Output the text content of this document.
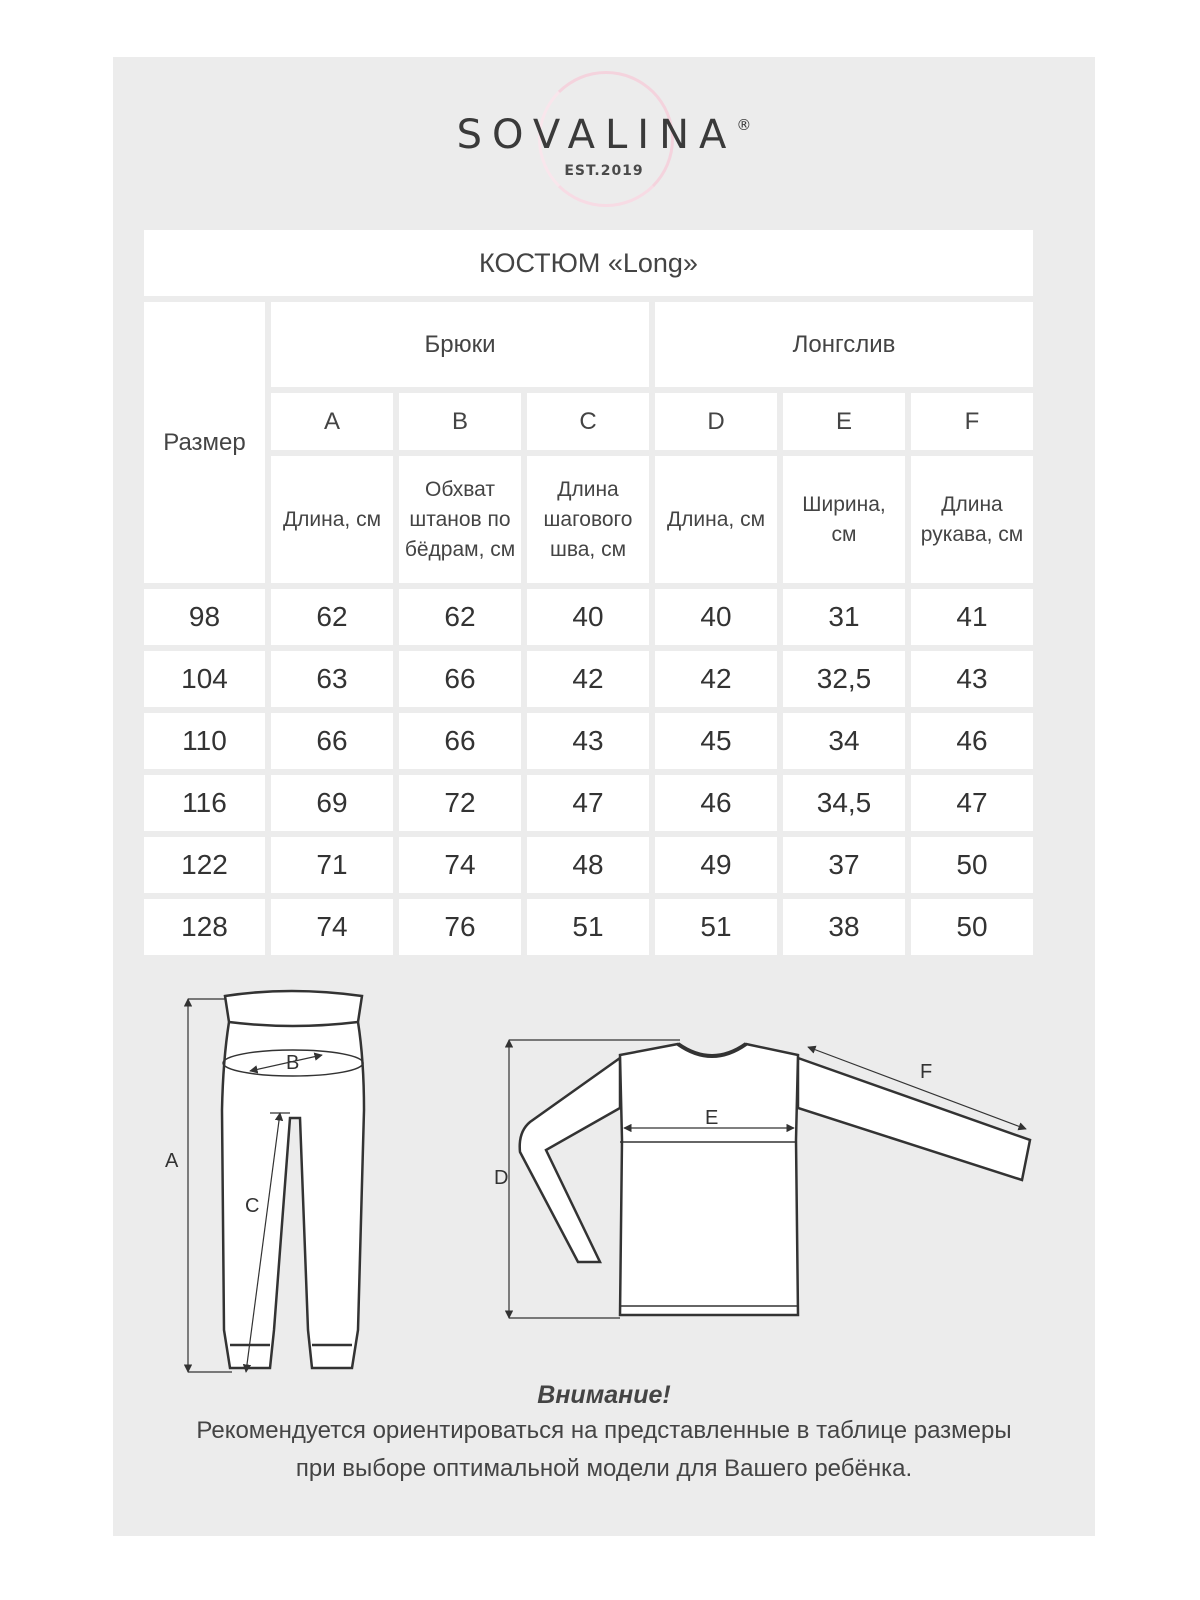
SOVALINA®
EST.2019
КОСТЮМ «Long»						
Размер	Брюки			Лонгслив		
	A	B	C	D	E	F
	Длина, см	Обхват штанов по бёдрам, см	Длина шагового шва, см	Длина, см	Ширина, см	Длина рукава, см

98	62	62	40	40	31	41
104	63	66	42	42	32,5	43
110	66	66	43	45	34	46
116	69	72	47	46	34,5	47
122	71	74	48	49	37	50
128	74	76	51	51	38	50
A
B
C
D
E
F
Внимание!
Рекомендуется ориентироваться на представленные в таблице размеры
при выборе оптимальной модели для Вашего ребёнка.
